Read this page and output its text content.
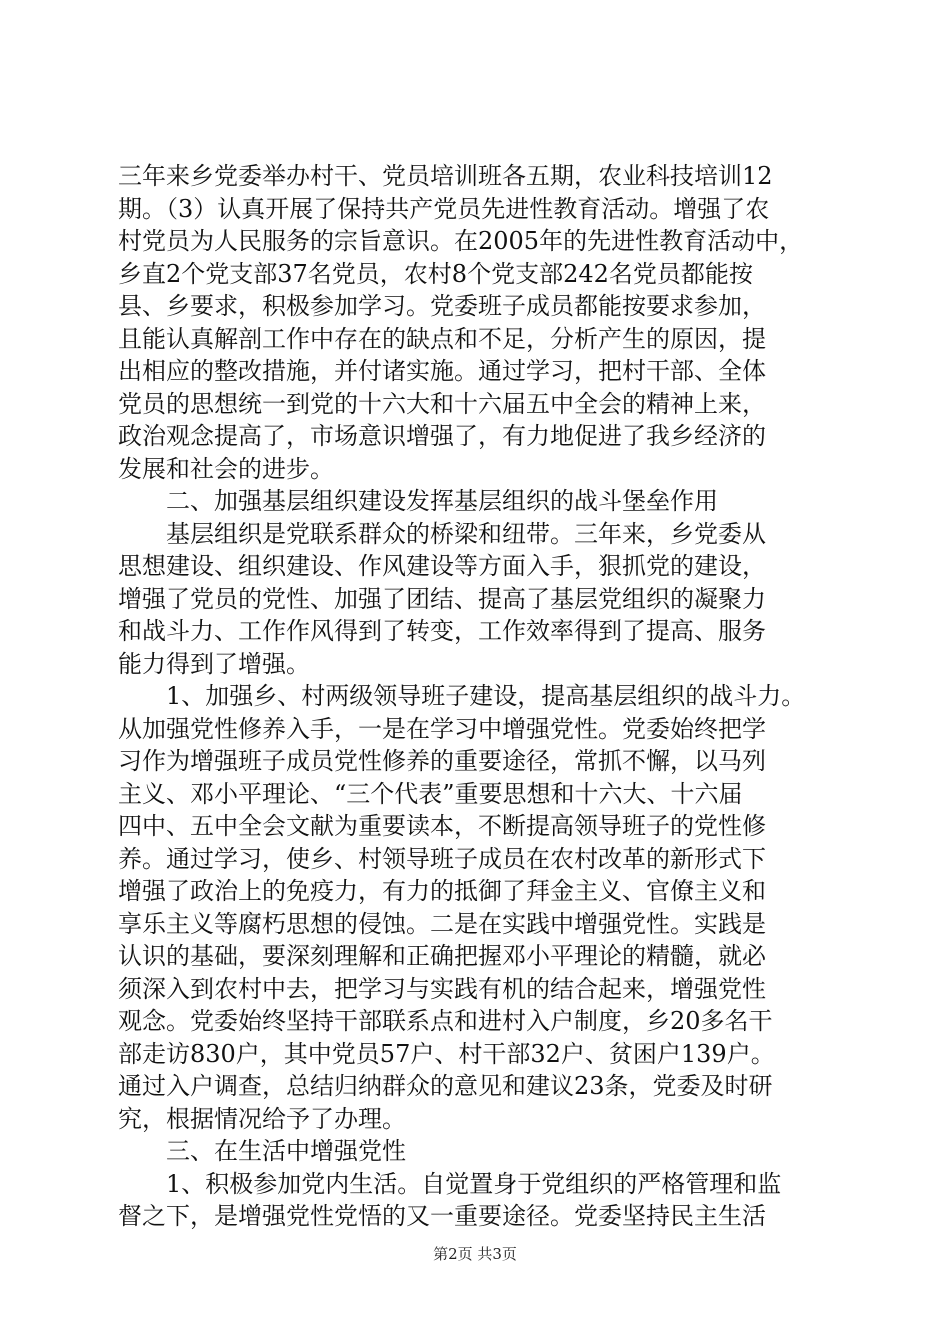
三年来乡党委举办村干、党员培训班各五期，农业科技培训12
期。（3）认真开展了保持共产党员先进性教育活动。增强了农
村党员为人民服务的宗旨意识。在2005年的先进性教育活动中，
乡直2个党支部37名党员，农村8个党支部242名党员都能按
县、乡要求，积极参加学习。党委班子成员都能按要求参加，
且能认真解剖工作中存在的缺点和不足，分析产生的原因，提
出相应的整改措施，并付诸实施。通过学习，把村干部、全体
党员的思想统一到党的十六大和十六届五中全会的精神上来，
政治观念提高了，市场意识增强了，有力地促进了我乡经济的
发展和社会的进步。
　　二、加强基层组织建设发挥基层组织的战斗堡垒作用
　　基层组织是党联系群众的桥梁和纽带。三年来，乡党委从
思想建设、组织建设、作风建设等方面入手，狠抓党的建设，
增强了党员的党性、加强了团结、提高了基层党组织的凝聚力
和战斗力、工作作风得到了转变，工作效率得到了提高、服务
能力得到了增强。
　　1、加强乡、村两级领导班子建设，提高基层组织的战斗力。
从加强党性修养入手，一是在学习中增强党性。党委始终把学
习作为增强班子成员党性修养的重要途径，常抓不懈，以马列
主义、邓小平理论、“三个代表”重要思想和十六大、十六届
四中、五中全会文献为重要读本，不断提高领导班子的党性修
养。通过学习，使乡、村领导班子成员在农村改革的新形式下
增强了政治上的免疫力，有力的抵御了拜金主义、官僚主义和
享乐主义等腐朽思想的侵蚀。二是在实践中增强党性。实践是
认识的基础，要深刻理解和正确把握邓小平理论的精髓，就必
须深入到农村中去，把学习与实践有机的结合起来，增强党性
观念。党委始终坚持干部联系点和进村入户制度，乡20多名干
部走访830户，其中党员57户、村干部32户、贫困户139户。
通过入户调查，总结归纳群众的意见和建议23条，党委及时研
究，根据情况给予了办理。
　　三、在生活中增强党性
　　1、积极参加党内生活。自觉置身于党组织的严格管理和监
督之下，是增强党性党悟的又一重要途径。党委坚持民主生活
第2页 共3页
